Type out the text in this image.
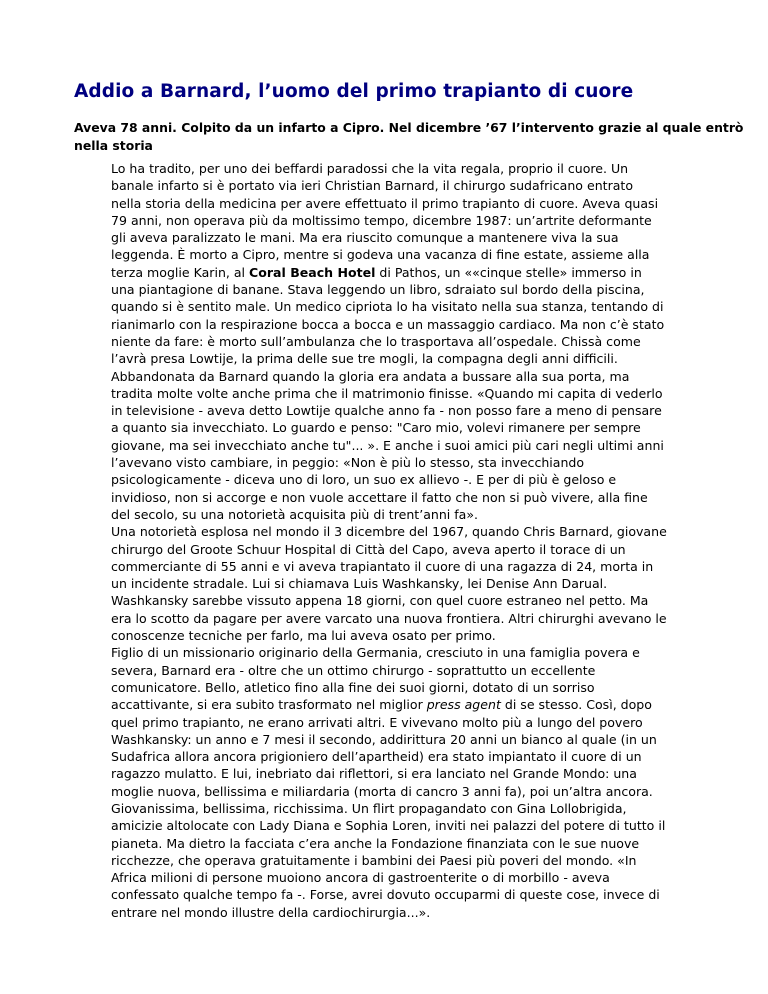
Addio a Barnard, l’uomo del primo trapianto di cuore

Aveva 78 anni. Colpito da un infarto a Cipro. Nel dicembre ’67 l’intervento grazie al quale entrò nella storia

Lo ha tradito, per uno dei beffardi paradossi che la vita regala, proprio il cuore. Un
banale infarto si è portato via ieri Christian Barnard, il chirurgo sudafricano entrato
nella storia della medicina per avere effettuato il primo trapianto di cuore. Aveva quasi
79 anni, non operava più da moltissimo tempo, dicembre 1987: un’artrite deformante
gli aveva paralizzato le mani. Ma era riuscito comunque a mantenere viva la sua
leggenda. È morto a Cipro, mentre si godeva una vacanza di fine estate, assieme alla
terza moglie Karin, al Coral Beach Hotel di Pathos, un ««cinque stelle» immerso in
una piantagione di banane. Stava leggendo un libro, sdraiato sul bordo della piscina,
quando si è sentito male. Un medico cipriota lo ha visitato nella sua stanza, tentando di
rianimarlo con la respirazione bocca a bocca e un massaggio cardiaco. Ma non c’è stato
niente da fare: è morto sull’ambulanza che lo trasportava all’ospedale. Chissà come
l’avrà presa Lowtije, la prima delle sue tre mogli, la compagna degli anni difficili.
Abbandonata da Barnard quando la gloria era andata a bussare alla sua porta, ma
tradita molte volte anche prima che il matrimonio finisse. «Quando mi capita di vederlo
in televisione - aveva detto Lowtije qualche anno fa - non posso fare a meno di pensare
a quanto sia invecchiato. Lo guardo e penso: "Caro mio, volevi rimanere per sempre
giovane, ma sei invecchiato anche tu"... ». E anche i suoi amici più cari negli ultimi anni
l’avevano visto cambiare, in peggio: «Non è più lo stesso, sta invecchiando
psicologicamente - diceva uno di loro, un suo ex allievo -. E per di più è geloso e
invidioso, non si accorge e non vuole accettare il fatto che non si può vivere, alla fine
del secolo, su una notorietà acquisita più di trent’anni fa».

Una notorietà esplosa nel mondo il 3 dicembre del 1967, quando Chris Barnard, giovane
chirurgo del Groote Schuur Hospital di Città del Capo, aveva aperto il torace di un
commerciante di 55 anni e vi aveva trapiantato il cuore di una ragazza di 24, morta in
un incidente stradale. Lui si chiamava Luis Washkansky, lei Denise Ann Darual.
Washkansky sarebbe vissuto appena 18 giorni, con quel cuore estraneo nel petto. Ma
era lo scotto da pagare per avere varcato una nuova frontiera. Altri chirurghi avevano le
conoscenze tecniche per farlo, ma lui aveva osato per primo.

Figlio di un missionario originario della Germania, cresciuto in una famiglia povera e
severa, Barnard era - oltre che un ottimo chirurgo - soprattutto un eccellente
comunicatore. Bello, atletico fino alla fine dei suoi giorni, dotato di un sorriso
accattivante, si era subito trasformato nel miglior press agent di se stesso. Così, dopo
quel primo trapianto, ne erano arrivati altri. E vivevano molto più a lungo del povero
Washkansky: un anno e 7 mesi il secondo, addirittura 20 anni un bianco al quale (in un
Sudafrica allora ancora prigioniero dell’apartheid) era stato impiantato il cuore di un
ragazzo mulatto. E lui, inebriato dai riflettori, si era lanciato nel Grande Mondo: una
moglie nuova, bellissima e miliardaria (morta di cancro 3 anni fa), poi un’altra ancora.
Giovanissima, bellissima, ricchissima. Un flirt propagandato con Gina Lollobrigida,
amicizie altolocate con Lady Diana e Sophia Loren, inviti nei palazzi del potere di tutto il
pianeta. Ma dietro la facciata c’era anche la Fondazione finanziata con le sue nuove
ricchezze, che operava gratuitamente i bambini dei Paesi più poveri del mondo. «In
Africa milioni di persone muoiono ancora di gastroenterite o di morbillo - aveva
confessato qualche tempo fa -. Forse, avrei dovuto occuparmi di queste cose, invece di
entrare nel mondo illustre della cardiochirurgia...».
